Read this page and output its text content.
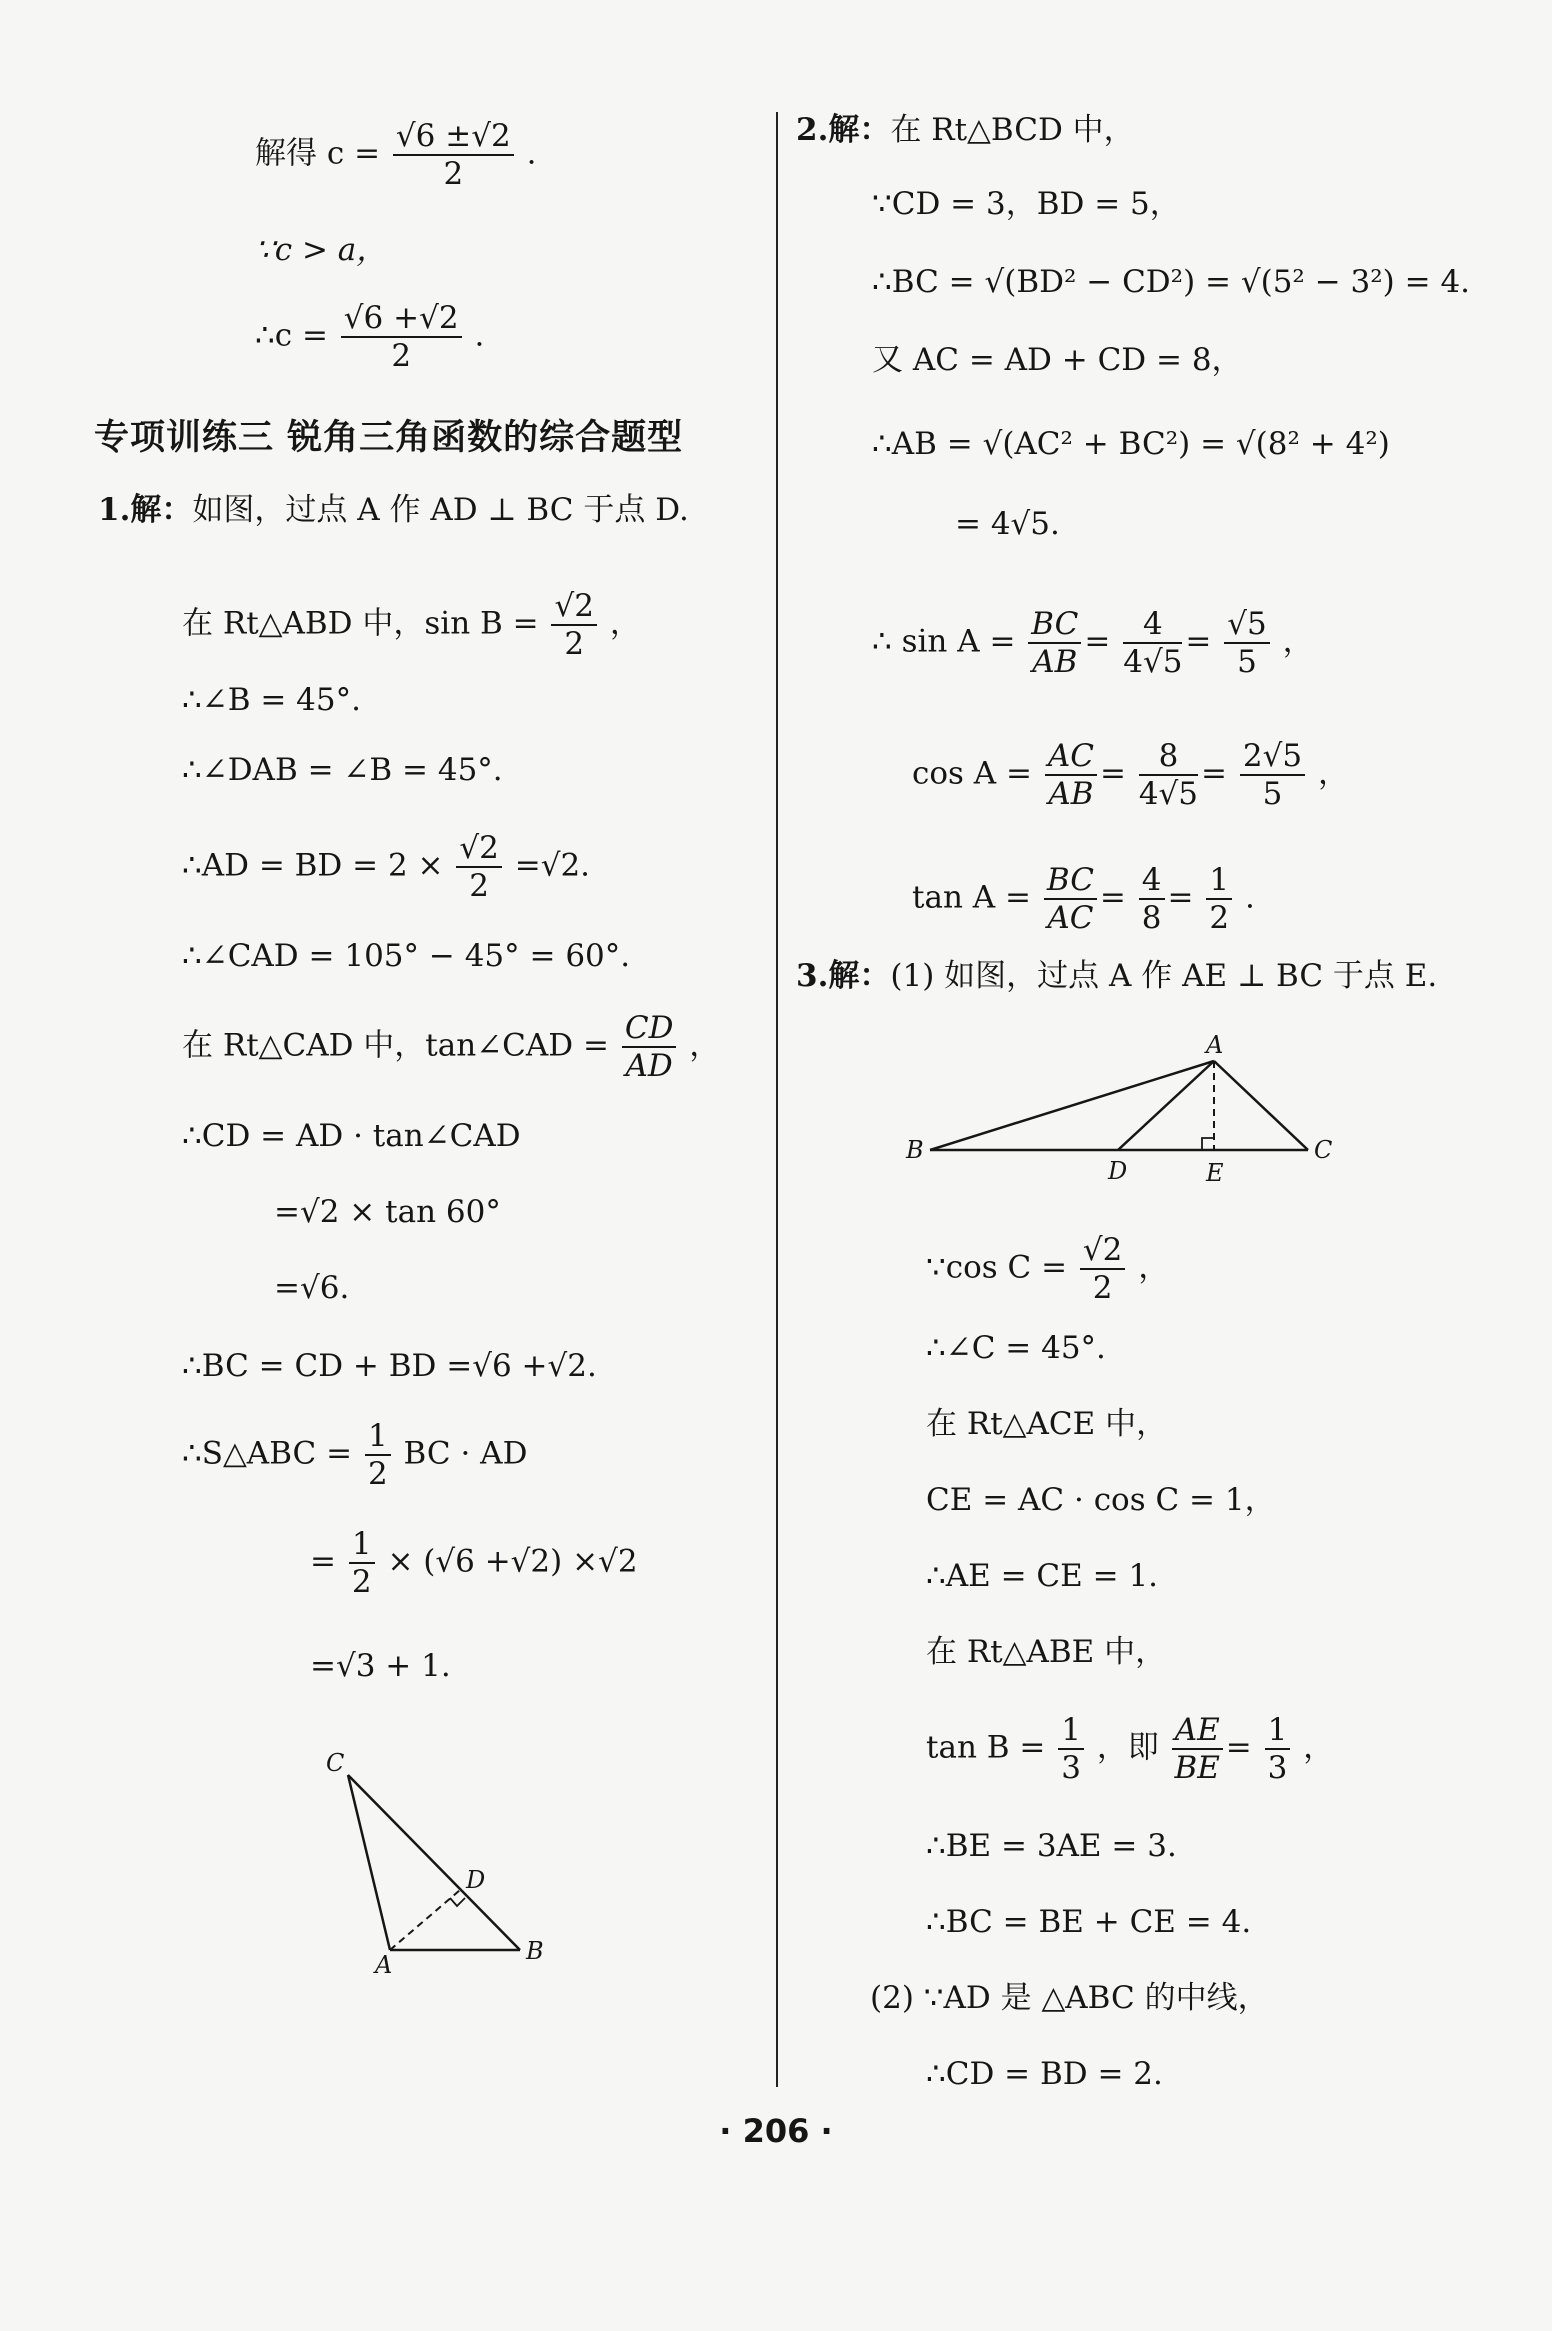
解得 $c = \frac{√6 \pm√2}{2}$ .
∵c > a，
∴c = $\frac{√6 +√2}{2}$ .
专项训练三 锐角三角函数的综合题型
1.解：如图，过点 A 作 AD ⊥ BC 于点 D.
在 Rt△ABD 中，$\sin B = \frac{√2}{2}$ ，
∴∠B = 45°.
∴∠DAB = ∠B = 45°.
∴AD = BD = $2 \times \frac{√2}{2} =√2$.
∴∠CAD = 105° − 45° = 60°.
在 Rt△CAD 中，tan∠CAD = $\frac{CD}{AD}$ ，
∴CD = AD · tan∠CAD
=√2 × tan 60°
=√6.
∴BC = CD + BD =√6 +√2.
∴S△ABC = $\frac{1}{2}$ BC · AD
= $\frac{1}{2} \times (√6 +√2) \times√2$
=√3 + 1.
C
D
A	B
2.解：在 Rt△BCD 中，
∵CD = 3，BD = 5，
∴BC = √(BD² − CD²) = √(5² − 3²) = 4.
又 AC = AD + CD = 8，
∴AB = √(AC² + BC²) = √(8² + 4²)
= 4√5.
∴ $\sin A = \frac{BC}{AB} = \frac{4}{4√5} = \frac{√5}{5}$ ，
$\cos A = \frac{AC}{AB} = \frac{8}{4√5} = \frac{2√5}{5}$ ，
$\tan A = \frac{BC}{AC} = \frac{4}{8} = \frac{1}{2}$ .
3.解：(1) 如图，过点 A 作 AE ⊥ BC 于点 E.
A
B
D	E
C
∵cos $C = \frac{√2}{2}$ ，
∴∠C = 45°.
在 Rt△ACE 中，
CE = AC · cos C = 1，
∴AE = CE = 1.
在 Rt△ABE 中，
$\tan B = \frac{1}{3}$ ，即 $\frac{AE}{BE} = \frac{1}{3}$ ，
∴BE = 3AE = 3.
∴BC = BE + CE = 4.
(2) ∵AD 是 △ABC 的中线，
∴CD = BD = 2.
· 206 ·
